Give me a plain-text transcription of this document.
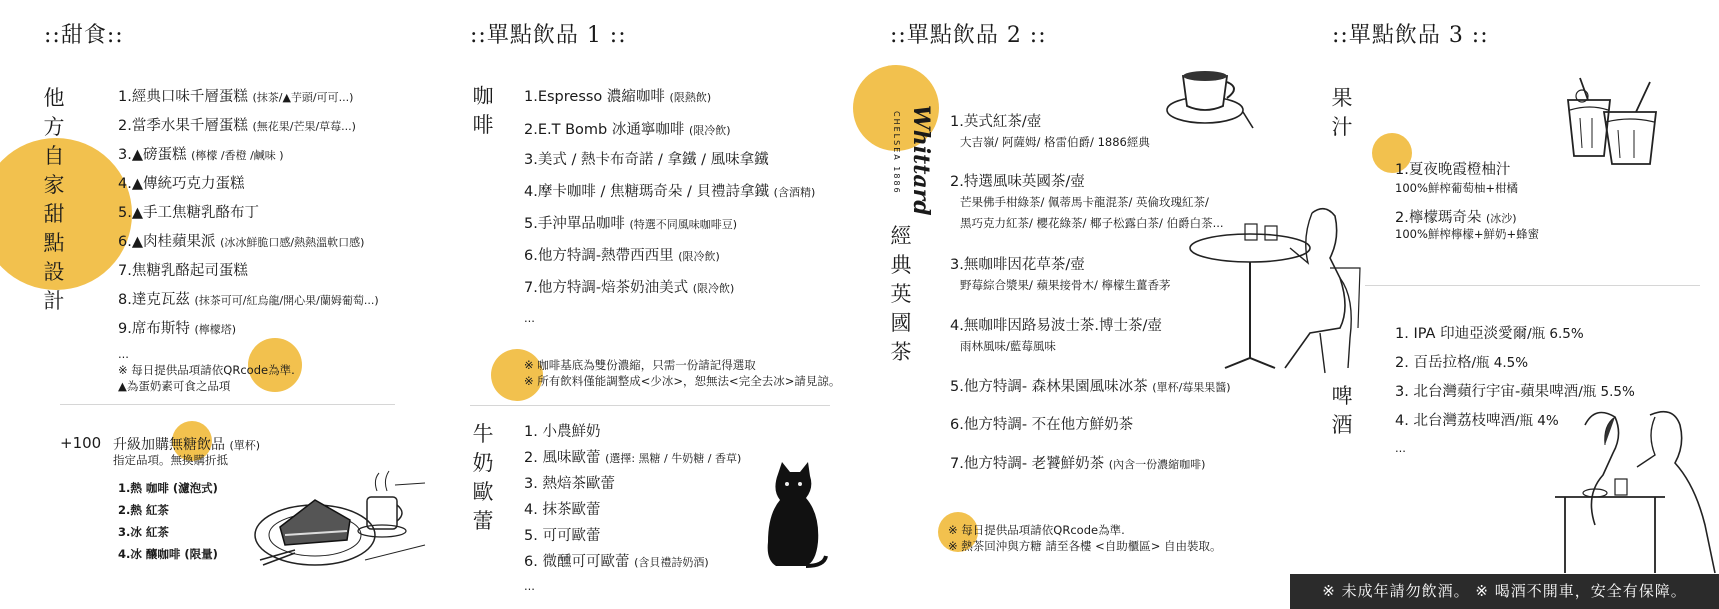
::甜食::
他方自家甜點設計
1.經典口味千層蛋糕 (抹茶/▲芋頭/可可...)
2.當季水果千層蛋糕 (無花果/芒果/草莓...)
3.▲磅蛋糕 (檸檬 /香橙 /鹹味 )
4.▲傳統巧克力蛋糕
5.▲手工焦糖乳酪布丁
6.▲肉桂蘋果派 (冰冰鮮脆口感/熱熱溫軟口感)
7.焦糖乳酪起司蛋糕
8.達克瓦茲 (抹茶可可/紅烏龍/開心果/蘭姆葡萄...)
9.席布斯特 (檸檬塔)
...
※ 每日提供品項請依QRcode為準.
▲為蛋奶素可食之品項
+100 升級加購無糖飲品 (單杯)
指定品項。無換購折抵
1.熱 咖啡 (濾泡式)
2.熱 紅茶
3.冰 紅茶
4.冰 釀咖啡 (限量)
::單點飲品 1 ::
咖啡
1.Espresso 濃縮咖啡 (限熱飲)
2.E.T Bomb 冰通寧咖啡 (限冷飲)
3.美式 / 熱卡布奇諾 / 拿鐵 / 風味拿鐵
4.摩卡咖啡 / 焦糖瑪奇朵 / 貝禮詩拿鐵 (含酒精)
5.手沖單品咖啡 (特選不同風味咖啡豆)
6.他方特調-熱帶西西里 (限冷飲)
7.他方特調-焙茶奶油美式 (限冷飲)
...
※ 咖啡基底為雙份濃縮，只需一份請記得選取
※ 所有飲料僅能調整成<少冰>，恕無法<完全去冰>請見諒。
牛奶歐蕾
1. 小農鮮奶
2. 風味歐蕾 (選擇: 黑糖 / 牛奶糖 / 香草)
3. 熱焙茶歐蕾
4. 抹茶歐蕾
5. 可可歐蕾
6. 微醺可可歐蕾 (含貝禮詩奶酒)
...
::單點飲品 2 ::
Whittard
CHELSEA 1886
經典英國茶
1.英式紅茶/壺
大吉嶺/ 阿薩姆/ 格雷伯爵/ 1886經典
2.特選風味英國茶/壺
芒果佛手柑綠茶/ 佩蒂馬卡龍混茶/ 英倫玫瑰紅茶/
黑巧克力紅茶/ 櫻花綠茶/ 椰子松露白茶/ 伯爵白茶...
3.無咖啡因花草茶/壺
野莓綜合漿果/ 蘋果接骨木/ 檸檬生薑香茅
4.無咖啡因路易波士茶.博士茶/壺
雨林風味/藍莓風味
5.他方特調- 森林果園風味冰茶 (單杯/莓果果醬)
6.他方特調- 不在他方鮮奶茶
7.他方特調- 老饕鮮奶茶 (內含一份濃縮咖啡)
※ 每日提供品項請依QRcode為準.
※ 熱茶回沖與方糖 請至各樓 <自助櫃區> 自由裝取。
::單點飲品 3 ::
果汁
1.夏夜晚霞橙柚汁
100%鮮榨葡萄柚+柑橘
2.檸檬瑪奇朵 (冰沙)
100%鮮榨檸檬+鮮奶+蜂蜜
1. IPA 印迪亞淡愛爾/瓶 6.5%
2. 百岳拉格/瓶 4.5%
3. 北台灣蘋行宇宙-蘋果啤酒/瓶 5.5%
4. 北台灣荔枝啤酒/瓶 4%
...
啤酒
※ 未成年請勿飲酒。 ※ 喝酒不開車，安全有保障。
